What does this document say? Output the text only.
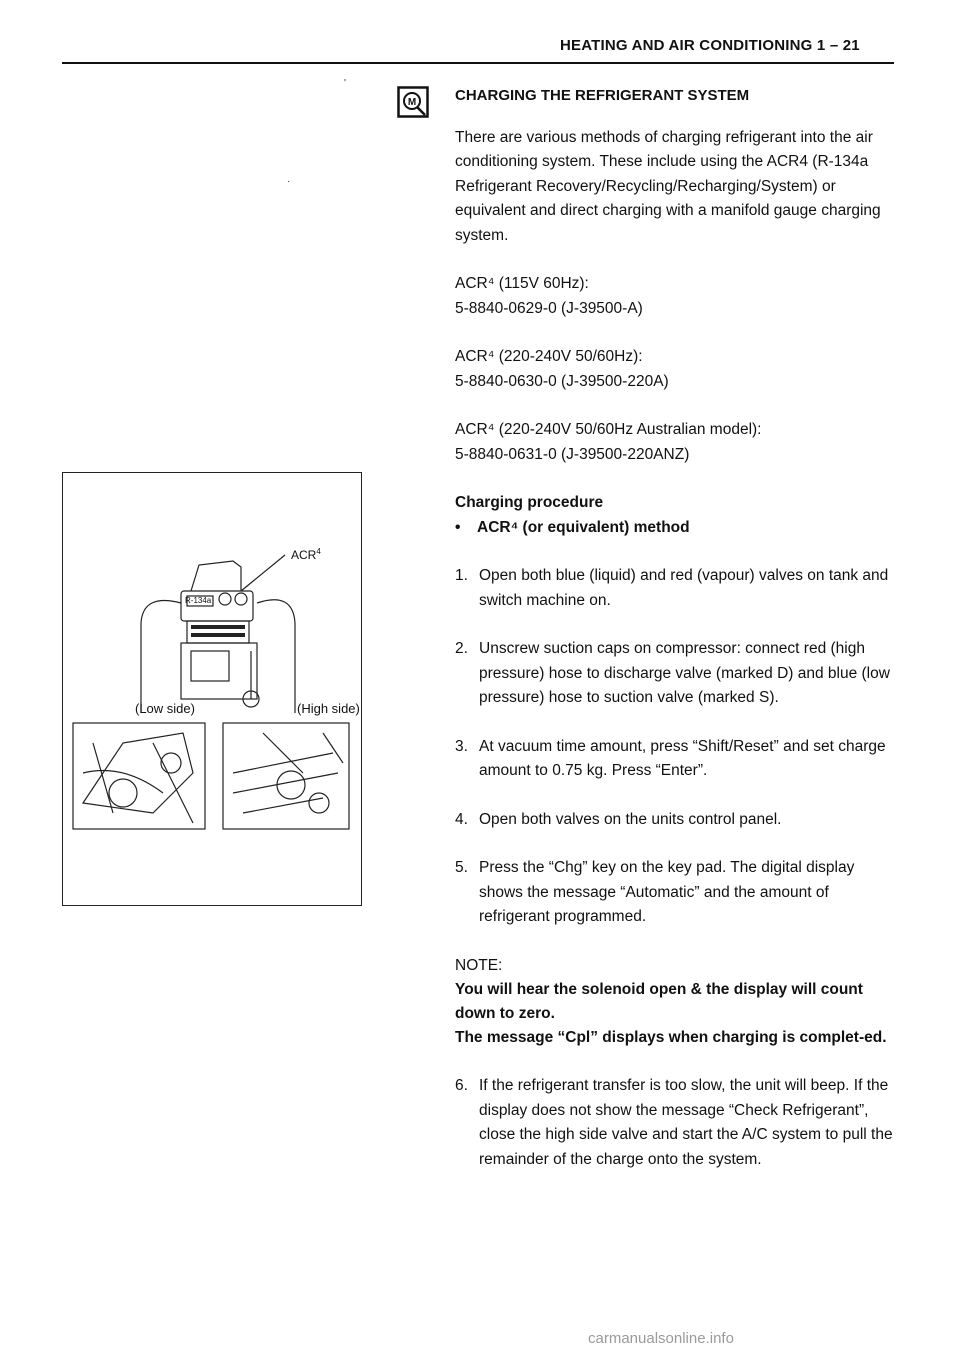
HEATING AND AIR CONDITIONING 1 – 21
M
'
·

CHARGING THE REFRIGERANT SYSTEM

There are various methods of charging refrigerant into the air conditioning system. These include using the ACR4 (R-134a Refrigerant Recovery/Recycling/Recharging/System) or equivalent and direct charging with a manifold gauge charging system.

ACR⁴ (115V 60Hz):

5-8840-0629-0 (J-39500-A)

ACR⁴ (220-240V 50/60Hz):

5-8840-0630-0 (J-39500-220A)

ACR⁴ (220-240V 50/60Hz Australian model):

5-8840-0631-0 (J-39500-220ANZ)

Charging procedure

• ACR⁴ (or equivalent) method

1. Open both blue (liquid) and red (vapour) valves on tank and switch machine on.
2. Unscrew suction caps on compressor: connect red (high pressure) hose to discharge valve (marked D) and blue (low pressure) hose to suction valve (marked S).
3. At vacuum time amount, press “Shift/Reset” and set charge amount to 0.75 kg. Press “Enter”.
4. Open both valves on the units control panel.
5. Press the “Chg” key on the key pad. The digital display shows the message “Automatic” and the amount of refrigerant programmed.

NOTE:

You will hear the solenoid open & the display will count down to zero.

The message “Cpl” displays when charging is complet-ed.

6. If the refrigerant transfer is too slow, the unit will beep. If the display does not show the message “Check Refrigerant”, close the high side valve and start the A/C system to pull the remainder of the charge onto the system.
ACR$^4$
R-134a
(Low side)	(High side)
carmanualsonline.info
